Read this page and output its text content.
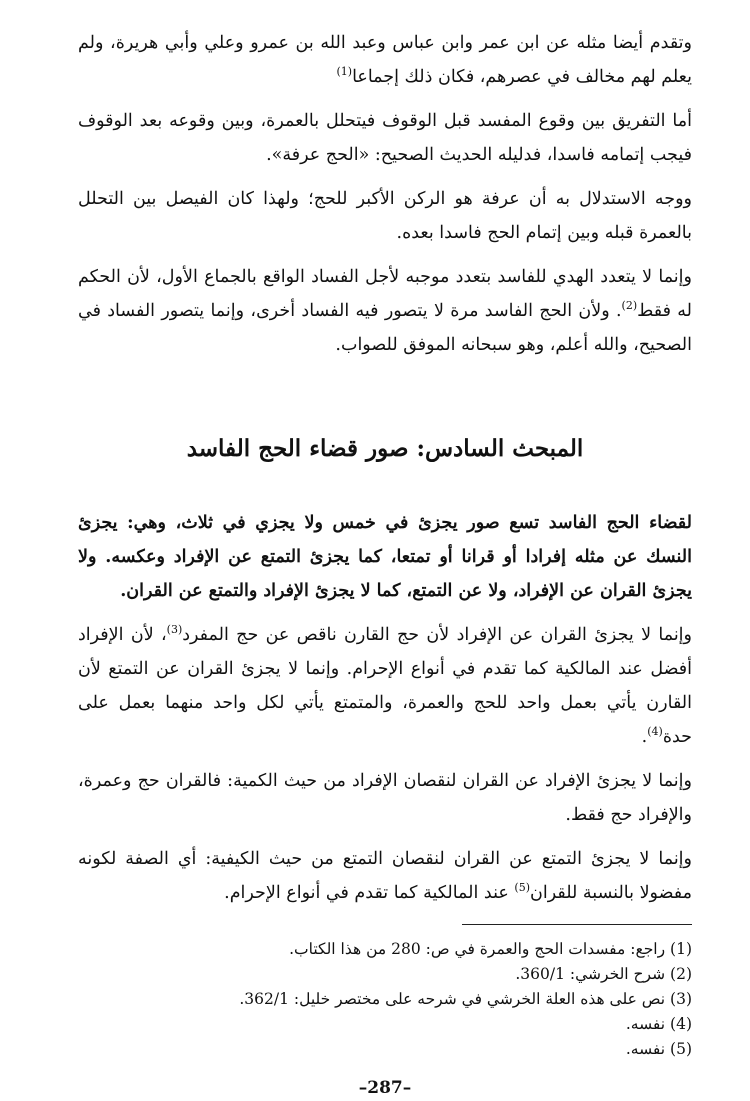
وتقدم أيضا مثله عن ابن عمر وابن عباس وعبد الله بن عمرو وعلي وأبي هريرة، ولم يعلم لهم مخالف في عصرهم، فكان ذلك إجماعا$^{(1)}$

أما التفريق بين وقوع المفسد قبل الوقوف فيتحلل بالعمرة، وبين وقوعه بعد الوقوف فيجب إتمامه فاسدا، فدليله الحديث الصحيح: «الحج عرفة».

ووجه الاستدلال به أن عرفة هو الركن الأكبر للحج؛ ولهذا كان الفيصل بين التحلل بالعمرة قبله وبين إتمام الحج فاسدا بعده.

وإنما لا يتعدد الهدي للفاسد بتعدد موجبه لأجل الفساد الواقع بالجماع الأول، لأن الحكم له فقط$^{(2)}$. ولأن الحج الفاسد مرة لا يتصور فيه الفساد أخرى، وإنما يتصور الفساد في الصحيح، والله أعلم، وهو سبحانه الموفق للصواب.

المبحث السادس: صور قضاء الحج الفاسد

لقضاء الحج الفاسد تسع صور يجزئ في خمس ولا يجزي في ثلاث، وهي: يجزئ النسك عن مثله إفرادا أو قرانا أو تمتعا، كما يجزئ التمتع عن الإفراد وعكسه. ولا يجزئ القران عن الإفراد، ولا عن التمتع، كما لا يجزئ الإفراد والتمتع عن القران.

وإنما لا يجزئ القران عن الإفراد لأن حج القارن ناقص عن حج المفرد$^{(3)}$، لأن الإفراد أفضل عند المالكية كما تقدم في أنواع الإحرام. وإنما لا يجزئ القران عن التمتع لأن القارن يأتي بعمل واحد للحج والعمرة، والمتمتع يأتي لكل واحد منهما بعمل على حدة$^{(4)}$.

وإنما لا يجزئ الإفراد عن القران لنقصان الإفراد من حيث الكمية: فالقران حج وعمرة، والإفراد حج فقط.

وإنما لا يجزئ التمتع عن القران لنقصان التمتع من حيث الكيفية: أي الصفة لكونه مفضولا بالنسبة للقران$^{(5)}$ عند المالكية كما تقدم في أنواع الإحرام.

(1) راجع: مفسدات الحج والعمرة في ص: 280 من هذا الكتاب.
(2) شرح الخرشي: 360/1.
(3) نص على هذه العلة الخرشي في شرحه على مختصر خليل: 362/1.
(4) نفسه.
(5) نفسه.
–287–
